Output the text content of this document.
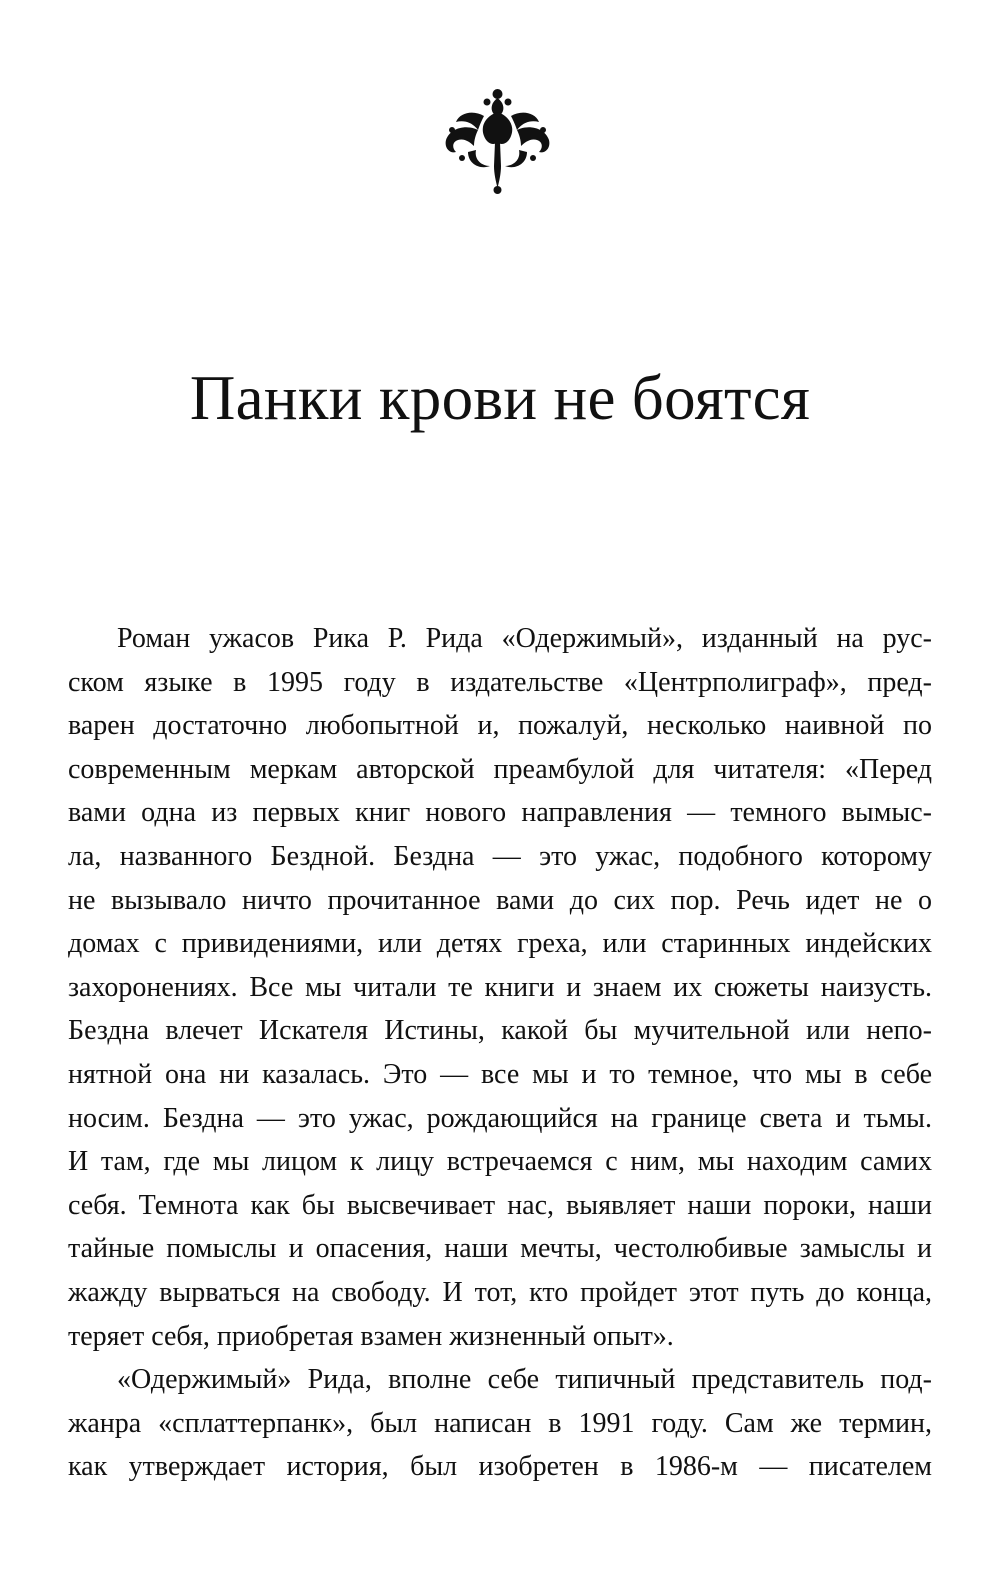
Панки крови не боятся
Роман ужасов Рика Р. Рида «Одержимый», изданный на рус-
ском языке в 1995 году в издательстве «Центрполиграф», пред-
варен достаточно любопытной и, пожалуй, несколько наивной по
современным меркам авторской преамбулой для читателя: «Перед
вами одна из первых книг нового направления — темного вымыс-
ла, названного Бездной. Бездна — это ужас, подобного которому
не вызывало ничто прочитанное вами до сих пор. Речь идет не о
домах с привидениями, или детях греха, или старинных индейских
захоронениях. Все мы читали те книги и знаем их сюжеты наизусть.
Бездна влечет Искателя Истины, какой бы мучительной или непо-
нятной она ни казалась. Это — все мы и то темное, что мы в себе
носим. Бездна — это ужас, рождающийся на границе света и тьмы.
И там, где мы лицом к лицу встречаемся с ним, мы находим самих
себя. Темнота как бы высвечивает нас, выявляет наши пороки, наши
тайные помыслы и опасения, наши мечты, честолюбивые замыслы и
жажду вырваться на свободу. И тот, кто пройдет этот путь до конца,
теряет себя, приобретая взамен жизненный опыт».
«Одержимый» Рида, вполне себе типичный представитель под-
жанра «сплаттерпанк», был написан в 1991 году. Сам же термин,
как утверждает история, был изобретен в 1986-м — писателем
